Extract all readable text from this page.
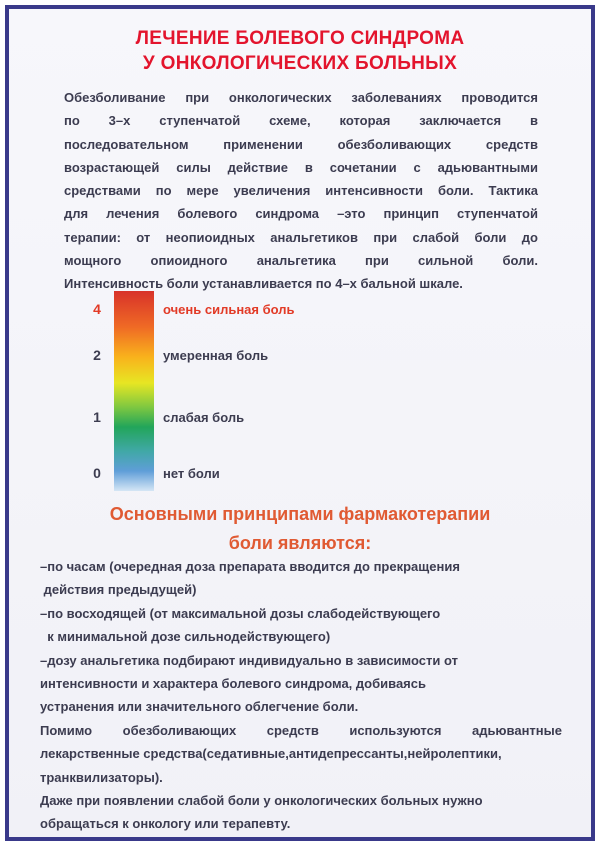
ЛЕЧЕНИЕ БОЛЕВОГО СИНДРОМА
У ОНКОЛОГИЧЕСКИХ БОЛЬНЫХ
Обезболивание при онкологических заболеваниях проводится
по 3–х ступенчатой схеме, которая заключается в
последовательном применении обезболивающих средств
возрастающей силы действие в сочетании с адьювантными
средствами по мере увеличения интенсивности боли. Тактика
для лечения болевого синдрома –это принцип ступенчатой
терапии: от неопиоидных анальгетиков при слабой боли до
мощного опиоидного анальгетика при сильной боли.
Интенсивность боли устанавливается по 4–х бальной шкале.
4	очень сильная боль
2	умеренная боль
1	слабая боль
0	нет боли
Основными принципами фармакотерапии
боли являются:
–по часам (очередная доза препарата вводится до прекращения
действия предыдущей)
–по восходящей (от максимальной дозы слабодействующего
к минимальной дозе сильнодействующего)
–дозу анальгетика подбирают индивидуально в зависимости от
интенсивности и характера болевого синдрома, добиваясь
устранения или значительного облегчение боли.
Помимо обезболивающих средств используются адьювантные
лекарственные средства(седативные,антидепрессанты,нейролептики,
транквилизаторы).
Даже при появлении слабой боли у онкологических больных нужно
обращаться к онкологу или терапевту.
